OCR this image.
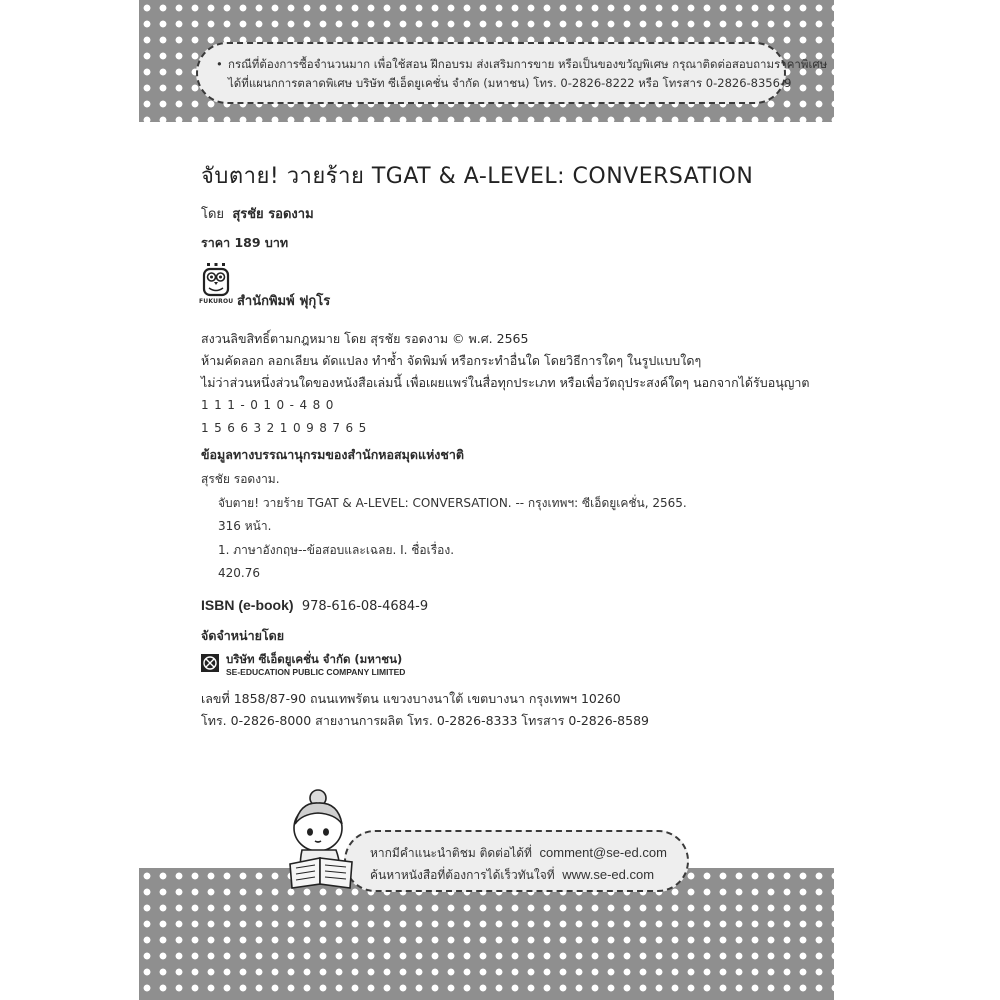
• กรณีที่ต้องการซื้อจำนวนมาก เพื่อใช้สอน ฝึกอบรม ส่งเสริมการขาย หรือเป็นของขวัญพิเศษ กรุณาติดต่อสอบถามราคาพิเศษ
ได้ที่แผนกการตลาดพิเศษ บริษัท ซีเอ็ดยูเคชั่น จำกัด (มหาชน) โทร. 0-2826-8222 หรือ โทรสาร 0-2826-8356-9
จับตาย! วายร้าย TGAT & A-LEVEL: CONVERSATION
โดย สุรชัย รอดงาม
ราคา 189 บาท
FUKUROU สำนักพิมพ์ ฟุกุโร
สงวนลิขสิทธิ์ตามกฎหมาย โดย สุรชัย รอดงาม © พ.ศ. 2565
ห้ามคัดลอก ลอกเลียน ดัดแปลง ทำซ้ำ จัดพิมพ์ หรือกระทำอื่นใด โดยวิธีการใดๆ ในรูปแบบใดๆ
ไม่ว่าส่วนหนึ่งส่วนใดของหนังสือเล่มนี้ เพื่อเผยแพร่ในสื่อทุกประเภท หรือเพื่อวัตถุประสงค์ใดๆ นอกจากได้รับอนุญาต
111-010-480
1566321098765
ข้อมูลทางบรรณานุกรมของสำนักหอสมุดแห่งชาติ
สุรชัย รอดงาม.
จับตาย! วายร้าย TGAT & A-LEVEL: CONVERSATION. -- กรุงเทพฯ: ซีเอ็ดยูเคชั่น, 2565.
316 หน้า.
1. ภาษาอังกฤษ--ข้อสอบและเฉลย. I. ชื่อเรื่อง.
420.76
ISBN (e-book) 978-616-08-4684-9
จัดจำหน่ายโดย
บริษัท ซีเอ็ดยูเคชั่น จำกัด (มหาชน)
SE-EDUCATION PUBLIC COMPANY LIMITED
เลขที่ 1858/87-90 ถนนเทพรัตน แขวงบางนาใต้ เขตบางนา กรุงเทพฯ 10260
โทร. 0-2826-8000 สายงานการผลิต โทร. 0-2826-8333 โทรสาร 0-2826-8589
หากมีคำแนะนำติชม ติดต่อได้ที่ comment@se-ed.com
ค้นหาหนังสือที่ต้องการได้เร็วทันใจที่ www.se-ed.com
